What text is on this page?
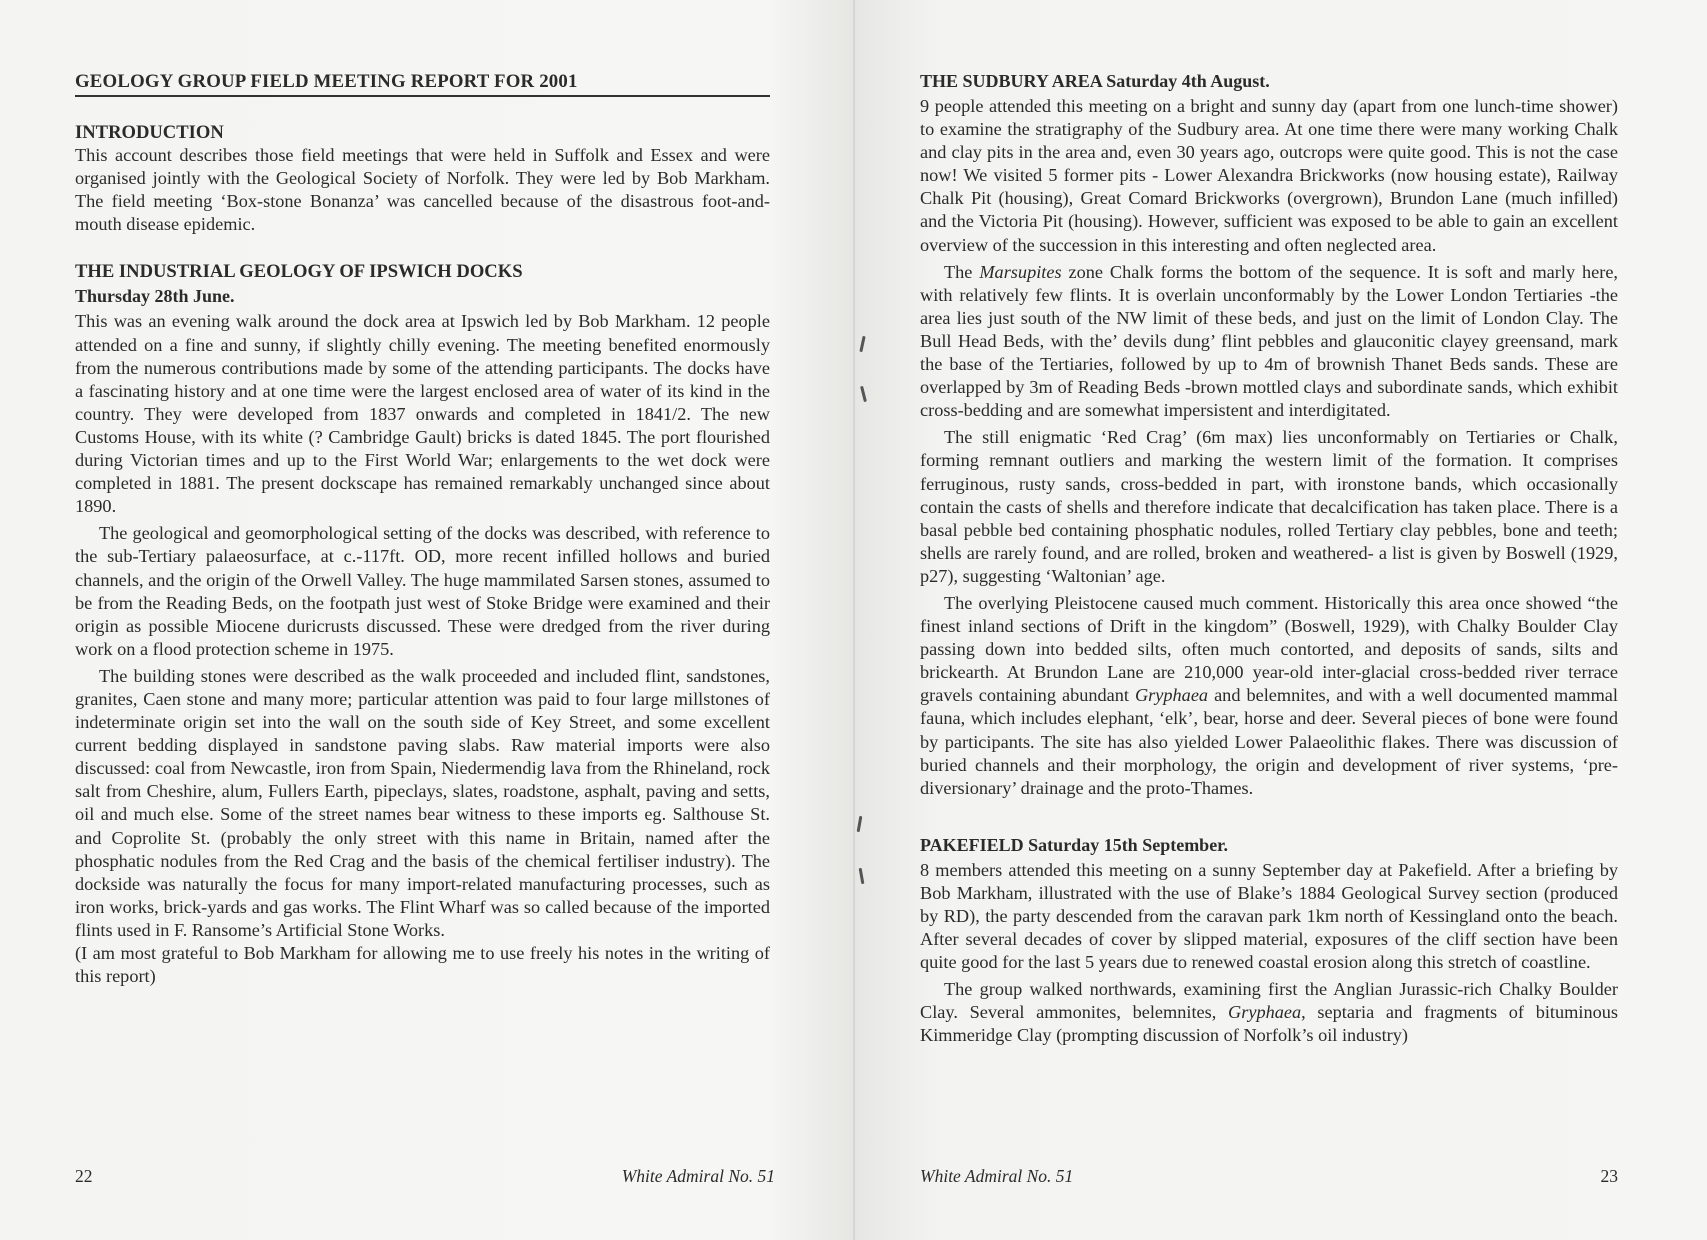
GEOLOGY GROUP FIELD MEETING REPORT FOR 2001
INTRODUCTION

This account describes those field meetings that were held in Suffolk and Essex and were organised jointly with the Geological Society of Norfolk. They were led by Bob Markham. The field meeting ‘Box-stone Bonanza’ was cancelled because of the disastrous foot-and-mouth disease epidemic.

THE INDUSTRIAL GEOLOGY OF IPSWICH DOCKS
Thursday 28th June.

This was an evening walk around the dock area at Ipswich led by Bob Markham. 12 people attended on a fine and sunny, if slightly chilly evening. The meeting benefited enormously from the numerous contributions made by some of the attending participants. The docks have a fascinating history and at one time were the largest enclosed area of water of its kind in the country. They were developed from 1837 onwards and completed in 1841/2. The new Customs House, with its white (? Cambridge Gault) bricks is dated 1845. The port flourished during Victorian times and up to the First World War; enlargements to the wet dock were completed in 1881. The present dockscape has remained remarkably unchanged since about 1890.

The geological and geomorphological setting of the docks was described, with reference to the sub-Tertiary palaeosurface, at c.-117ft. OD, more recent infilled hollows and buried channels, and the origin of the Orwell Valley. The huge mammilated Sarsen stones, assumed to be from the Reading Beds, on the footpath just west of Stoke Bridge were examined and their origin as possible Miocene duricrusts discussed. These were dredged from the river during work on a flood protection scheme in 1975.

The building stones were described as the walk proceeded and included flint, sandstones, granites, Caen stone and many more; particular attention was paid to four large millstones of indeterminate origin set into the wall on the south side of Key Street, and some excellent current bedding displayed in sandstone paving slabs. Raw material imports were also discussed: coal from Newcastle, iron from Spain, Niedermendig lava from the Rhineland, rock salt from Cheshire, alum, Fullers Earth, pipeclays, slates, roadstone, asphalt, paving and setts, oil and much else. Some of the street names bear witness to these imports eg. Salthouse St. and Coprolite St. (probably the only street with this name in Britain, named after the phosphatic nodules from the Red Crag and the basis of the chemical fertiliser industry). The dockside was naturally the focus for many import-related manufacturing processes, such as iron works, brick-yards and gas works. The Flint Wharf was so called because of the imported flints used in F. Ransome’s Artificial Stone Works.

(I am most grateful to Bob Markham for allowing me to use freely his notes in the writing of this report)

22	White Admiral No. 51
THE SUDBURY AREA Saturday 4th August.

9 people attended this meeting on a bright and sunny day (apart from one lunch-time shower) to examine the stratigraphy of the Sudbury area. At one time there were many working Chalk and clay pits in the area and, even 30 years ago, outcrops were quite good. This is not the case now! We visited 5 former pits - Lower Alexandra Brickworks (now housing estate), Railway Chalk Pit (housing), Great Comard Brickworks (overgrown), Brundon Lane (much infilled) and the Victoria Pit (housing). However, sufficient was exposed to be able to gain an excellent overview of the succession in this interesting and often neglected area.

The Marsupites zone Chalk forms the bottom of the sequence. It is soft and marly here, with relatively few flints. It is overlain unconformably by the Lower London Tertiaries -the area lies just south of the NW limit of these beds, and just on the limit of London Clay. The Bull Head Beds, with the’ devils dung’ flint pebbles and glauconitic clayey greensand, mark the base of the Tertiaries, followed by up to 4m of brownish Thanet Beds sands. These are overlapped by 3m of Reading Beds -brown mottled clays and subordinate sands, which exhibit cross-bedding and are somewhat impersistent and interdigitated.

The still enigmatic ‘Red Crag’ (6m max) lies unconformably on Tertiaries or Chalk, forming remnant outliers and marking the western limit of the formation. It comprises ferruginous, rusty sands, cross-bedded in part, with ironstone bands, which occasionally contain the casts of shells and therefore indicate that decalcification has taken place. There is a basal pebble bed containing phosphatic nodules, rolled Tertiary clay pebbles, bone and teeth; shells are rarely found, and are rolled, broken and weathered- a list is given by Boswell (1929, p27), suggesting ‘Waltonian’ age.

The overlying Pleistocene caused much comment. Historically this area once showed “the finest inland sections of Drift in the kingdom” (Boswell, 1929), with Chalky Boulder Clay passing down into bedded silts, often much contorted, and deposits of sands, silts and brickearth. At Brundon Lane are 210,000 year-old inter-glacial cross-bedded river terrace gravels containing abundant Gryphaea and belemnites, and with a well documented mammal fauna, which includes elephant, ‘elk’, bear, horse and deer. Several pieces of bone were found by participants. The site has also yielded Lower Palaeolithic flakes. There was discussion of buried channels and their morphology, the origin and development of river systems, ‘pre-diversionary’ drainage and the proto-Thames.

PAKEFIELD Saturday 15th September.

8 members attended this meeting on a sunny September day at Pakefield. After a briefing by Bob Markham, illustrated with the use of Blake’s 1884 Geological Survey section (produced by RD), the party descended from the caravan park 1km north of Kessingland onto the beach. After several decades of cover by slipped material, exposures of the cliff section have been quite good for the last 5 years due to renewed coastal erosion along this stretch of coastline.

The group walked northwards, examining first the Anglian Jurassic-rich Chalky Boulder Clay. Several ammonites, belemnites, Gryphaea, septaria and fragments of bituminous Kimmeridge Clay (prompting discussion of Norfolk’s oil industry)

White Admiral No. 51	23
